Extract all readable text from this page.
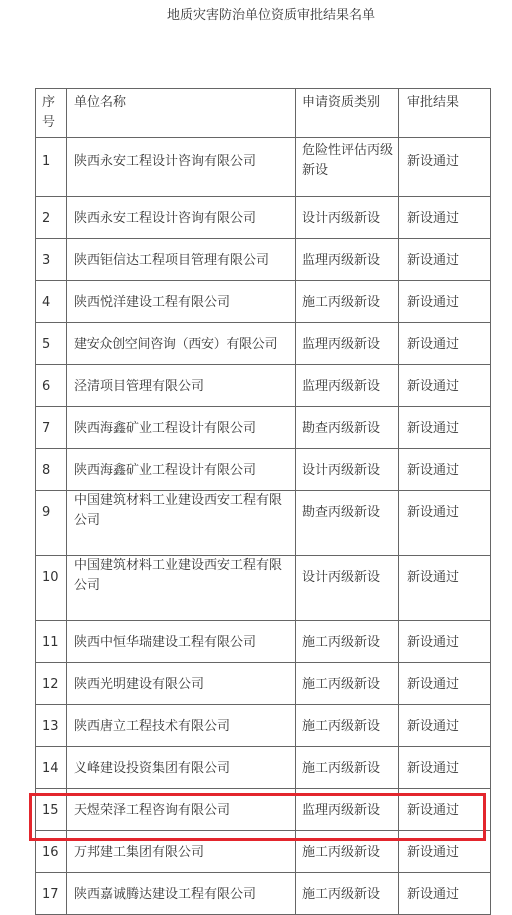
地质灾害防治单位资质审批结果名单
序号	单位名称	申请资质类别	审批结果
1	陕西永安工程设计咨询有限公司	危险性评估丙级新设	新设通过
2	陕西永安工程设计咨询有限公司	设计丙级新设	新设通过
3	陕西钜信达工程项目管理有限公司	监理丙级新设	新设通过
4	陕西悦洋建设工程有限公司	施工丙级新设	新设通过
5	建安众创空间咨询（西安）有限公司	监理丙级新设	新设通过
6	泾清项目管理有限公司	监理丙级新设	新设通过
7	陕西海鑫矿业工程设计有限公司	勘查丙级新设	新设通过
8	陕西海鑫矿业工程设计有限公司	设计丙级新设	新设通过
9	中国建筑材料工业建设西安工程有限公司	勘查丙级新设	新设通过
10	中国建筑材料工业建设西安工程有限公司	设计丙级新设	新设通过
11	陕西中恒华瑞建设工程有限公司	施工丙级新设	新设通过
12	陕西光明建设有限公司	施工丙级新设	新设通过
13	陕西唐立工程技术有限公司	施工丙级新设	新设通过
14	义峰建设投资集团有限公司	施工丙级新设	新设通过
15	天煜荣泽工程咨询有限公司	监理丙级新设	新设通过
16	万邦建工集团有限公司	施工丙级新设	新设通过
17	陕西嘉诚腾达建设工程有限公司	施工丙级新设	新设通过
